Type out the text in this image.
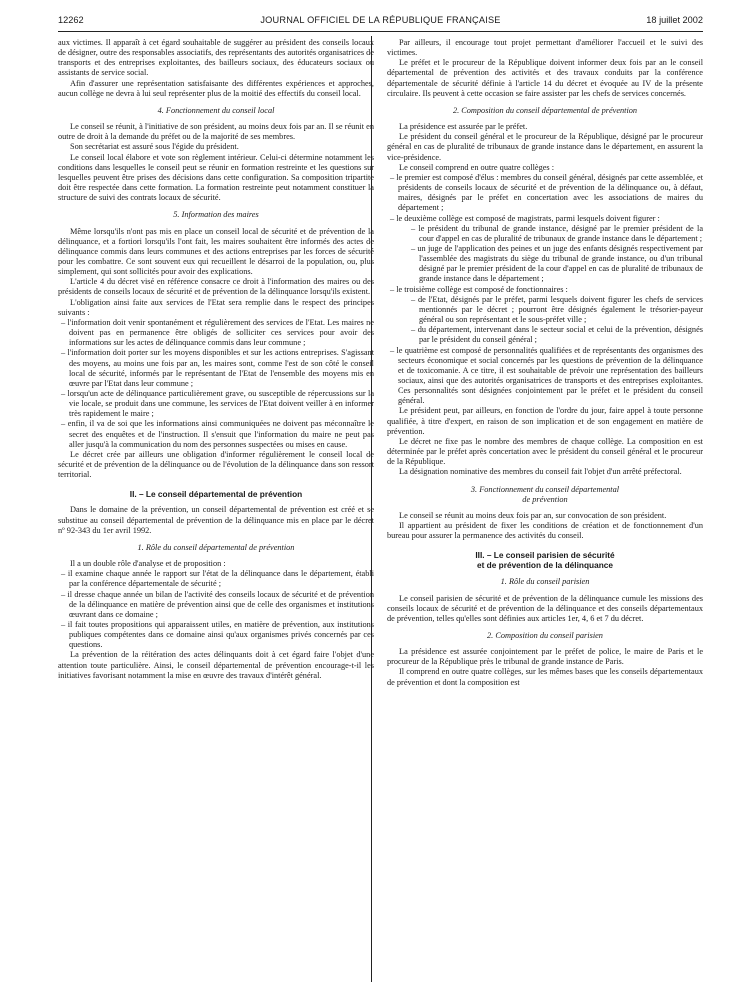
12262	JOURNAL OFFICIEL DE LA RÉPUBLIQUE FRANÇAISE	18 juillet 2002

aux victimes. Il apparaît à cet égard souhaitable de suggérer au président des conseils locaux de désigner, outre des responsables associatifs, des représentants des autorités organisatrices de transports et des entreprises exploitantes, des bailleurs sociaux, des éducateurs sociaux ou assistants de service social.

Afin d'assurer une représentation satisfaisante des différentes expériences et approches, aucun collège ne devra à lui seul représenter plus de la moitié des effectifs du conseil local.

4. Fonctionnement du conseil local

Le conseil se réunit, à l'initiative de son président, au moins deux fois par an. Il se réunit en outre de droit à la demande du préfet ou de la majorité de ses membres.

Son secrétariat est assuré sous l'égide du président.

Le conseil local élabore et vote son règlement intérieur. Celui-ci détermine notamment les conditions dans lesquelles le conseil peut se réunir en formation restreinte et les questions sur lesquelles peuvent être prises des décisions dans cette configuration. Sa composition tripartite doit être respectée dans cette formation. La formation restreinte peut notamment constituer la structure de suivi des contrats locaux de sécurité.

5. Information des maires

Même lorsqu'ils n'ont pas mis en place un conseil local de sécurité et de prévention de la délinquance, et a fortiori lorsqu'ils l'ont fait, les maires souhaitent être informés des actes de délinquance commis dans leurs communes et des actions entreprises par les forces de sécurité pour les combattre. Ce sont souvent eux qui recueillent le désarroi de la population, ou, plus simplement, qui sont sollicités pour avoir des explications.

L'article 4 du décret visé en référence consacre ce droit à l'information des maires ou des présidents de conseils locaux de sécurité et de prévention de la délinquance lorsqu'ils existent.

L'obligation ainsi faite aux services de l'Etat sera remplie dans le respect des principes suivants :

– l'information doit venir spontanément et régulièrement des services de l'Etat. Les maires ne doivent pas en permanence être obligés de solliciter ces services pour avoir des informations sur les actes de délinquance commis dans leur commune ;
– l'information doit porter sur les moyens disponibles et sur les actions entreprises. S'agissant des moyens, au moins une fois par an, les maires sont, comme l'est de son côté le conseil local de sécurité, informés par le représentant de l'Etat de l'ensemble des moyens mis en œuvre par l'Etat dans leur commune ;
– lorsqu'un acte de délinquance particulièrement grave, ou susceptible de répercussions sur la vie locale, se produit dans une commune, les services de l'Etat doivent veiller à en informer très rapidement le maire ;
– enfin, il va de soi que les informations ainsi communiquées ne doivent pas méconnaître le secret des enquêtes et de l'instruction. Il s'ensuit que l'information du maire ne peut pas aller jusqu'à la communication du nom des personnes suspectées ou mises en cause.

Le décret crée par ailleurs une obligation d'informer régulièrement le conseil local de sécurité et de prévention de la délinquance ou de l'évolution de la délinquance dans son ressort territorial.

II. – Le conseil départemental de prévention

Dans le domaine de la prévention, un conseil départemental de prévention est créé et se substitue au conseil départemental de prévention de la délinquance mis en place par le décret nº 92-343 du 1er avril 1992.

1. Rôle du conseil départemental de prévention

Il a un double rôle d'analyse et de proposition :

– il examine chaque année le rapport sur l'état de la délinquance dans le département, établi par la conférence départementale de sécurité ;
– il dresse chaque année un bilan de l'activité des conseils locaux de sécurité et de prévention de la délinquance en matière de prévention ainsi que de celle des organismes et institutions œuvrant dans ce domaine ;
– il fait toutes propositions qui apparaissent utiles, en matière de prévention, aux institutions publiques compétentes dans ce domaine ainsi qu'aux organismes privés concernés par ces questions.

La prévention de la réitération des actes délinquants doit à cet égard faire l'objet d'une attention toute particulière. Ainsi, le conseil départemental de prévention encourage-t-il les initiatives favorisant notamment la mise en œuvre des travaux d'intérêt général.

Par ailleurs, il encourage tout projet permettant d'améliorer l'accueil et le suivi des victimes.

Le préfet et le procureur de la République doivent informer deux fois par an le conseil départemental de prévention des activités et des travaux conduits par la conférence départementale de sécurité définie à l'article 14 du décret et évoquée au IV de la présente circulaire. Ils peuvent à cette occasion se faire assister par les chefs de services concernés.

2. Composition du conseil départemental de prévention

La présidence est assurée par le préfet.

Le président du conseil général et le procureur de la République, désigné par le procureur général en cas de pluralité de tribunaux de grande instance dans le département, en assurent la vice-présidence.

Le conseil comprend en outre quatre collèges :

– le premier est composé d'élus : membres du conseil général, désignés par cette assemblée, et présidents de conseils locaux de sécurité et de prévention de la délinquance ou, à défaut, maires, désignés par le préfet en concertation avec les associations de maires du département ;
– le deuxième collège est composé de magistrats, parmi lesquels doivent figurer :
– le président du tribunal de grande instance, désigné par le premier président de la cour d'appel en cas de pluralité de tribunaux de grande instance dans le département ;
– un juge de l'application des peines et un juge des enfants désignés respectivement par l'assemblée des magistrats du siège du tribunal de grande instance, ou d'un tribunal désigné par le premier président de la cour d'appel en cas de pluralité de tribunaux de grande instance dans le département ;
– le troisième collège est composé de fonctionnaires :
– de l'Etat, désignés par le préfet, parmi lesquels doivent figurer les chefs de services mentionnés par le décret ; pourront être désignés également le trésorier-payeur général ou son représentant et le sous-préfet ville ;
– du département, intervenant dans le secteur social et celui de la prévention, désignés par le président du conseil général ;
– le quatrième est composé de personnalités qualifiées et de représentants des organismes des secteurs économique et social concernés par les questions de prévention de la délinquance et de toxicomanie. A ce titre, il est souhaitable de prévoir une représentation des bailleurs sociaux, ainsi que des autorités organisatrices de transports et des entreprises exploitantes. Ces personnalités sont désignées conjointement par le préfet et le président du conseil général.

Le président peut, par ailleurs, en fonction de l'ordre du jour, faire appel à toute personne qualifiée, à titre d'expert, en raison de son implication et de son engagement en matière de prévention.

Le décret ne fixe pas le nombre des membres de chaque collège. La composition en est déterminée par le préfet après concertation avec le président du conseil général et le procureur de la République.

La désignation nominative des membres du conseil fait l'objet d'un arrêté préfectoral.

3. Fonctionnement du conseil départemental
de prévention

Le conseil se réunit au moins deux fois par an, sur convocation de son président.

Il appartient au président de fixer les conditions de création et de fonctionnement d'un bureau pour assurer la permanence des activités du conseil.

III. – Le conseil parisien de sécurité
et de prévention de la délinquance
1. Rôle du conseil parisien

Le conseil parisien de sécurité et de prévention de la délinquance cumule les missions des conseils locaux de sécurité et de prévention de la délinquance et des conseils départementaux de prévention, telles qu'elles sont définies aux articles 1er, 4, 6 et 7 du décret.

2. Composition du conseil parisien

La présidence est assurée conjointement par le préfet de police, le maire de Paris et le procureur de la République près le tribunal de grande instance de Paris.

Il comprend en outre quatre collèges, sur les mêmes bases que les conseils départementaux de prévention et dont la composition est
